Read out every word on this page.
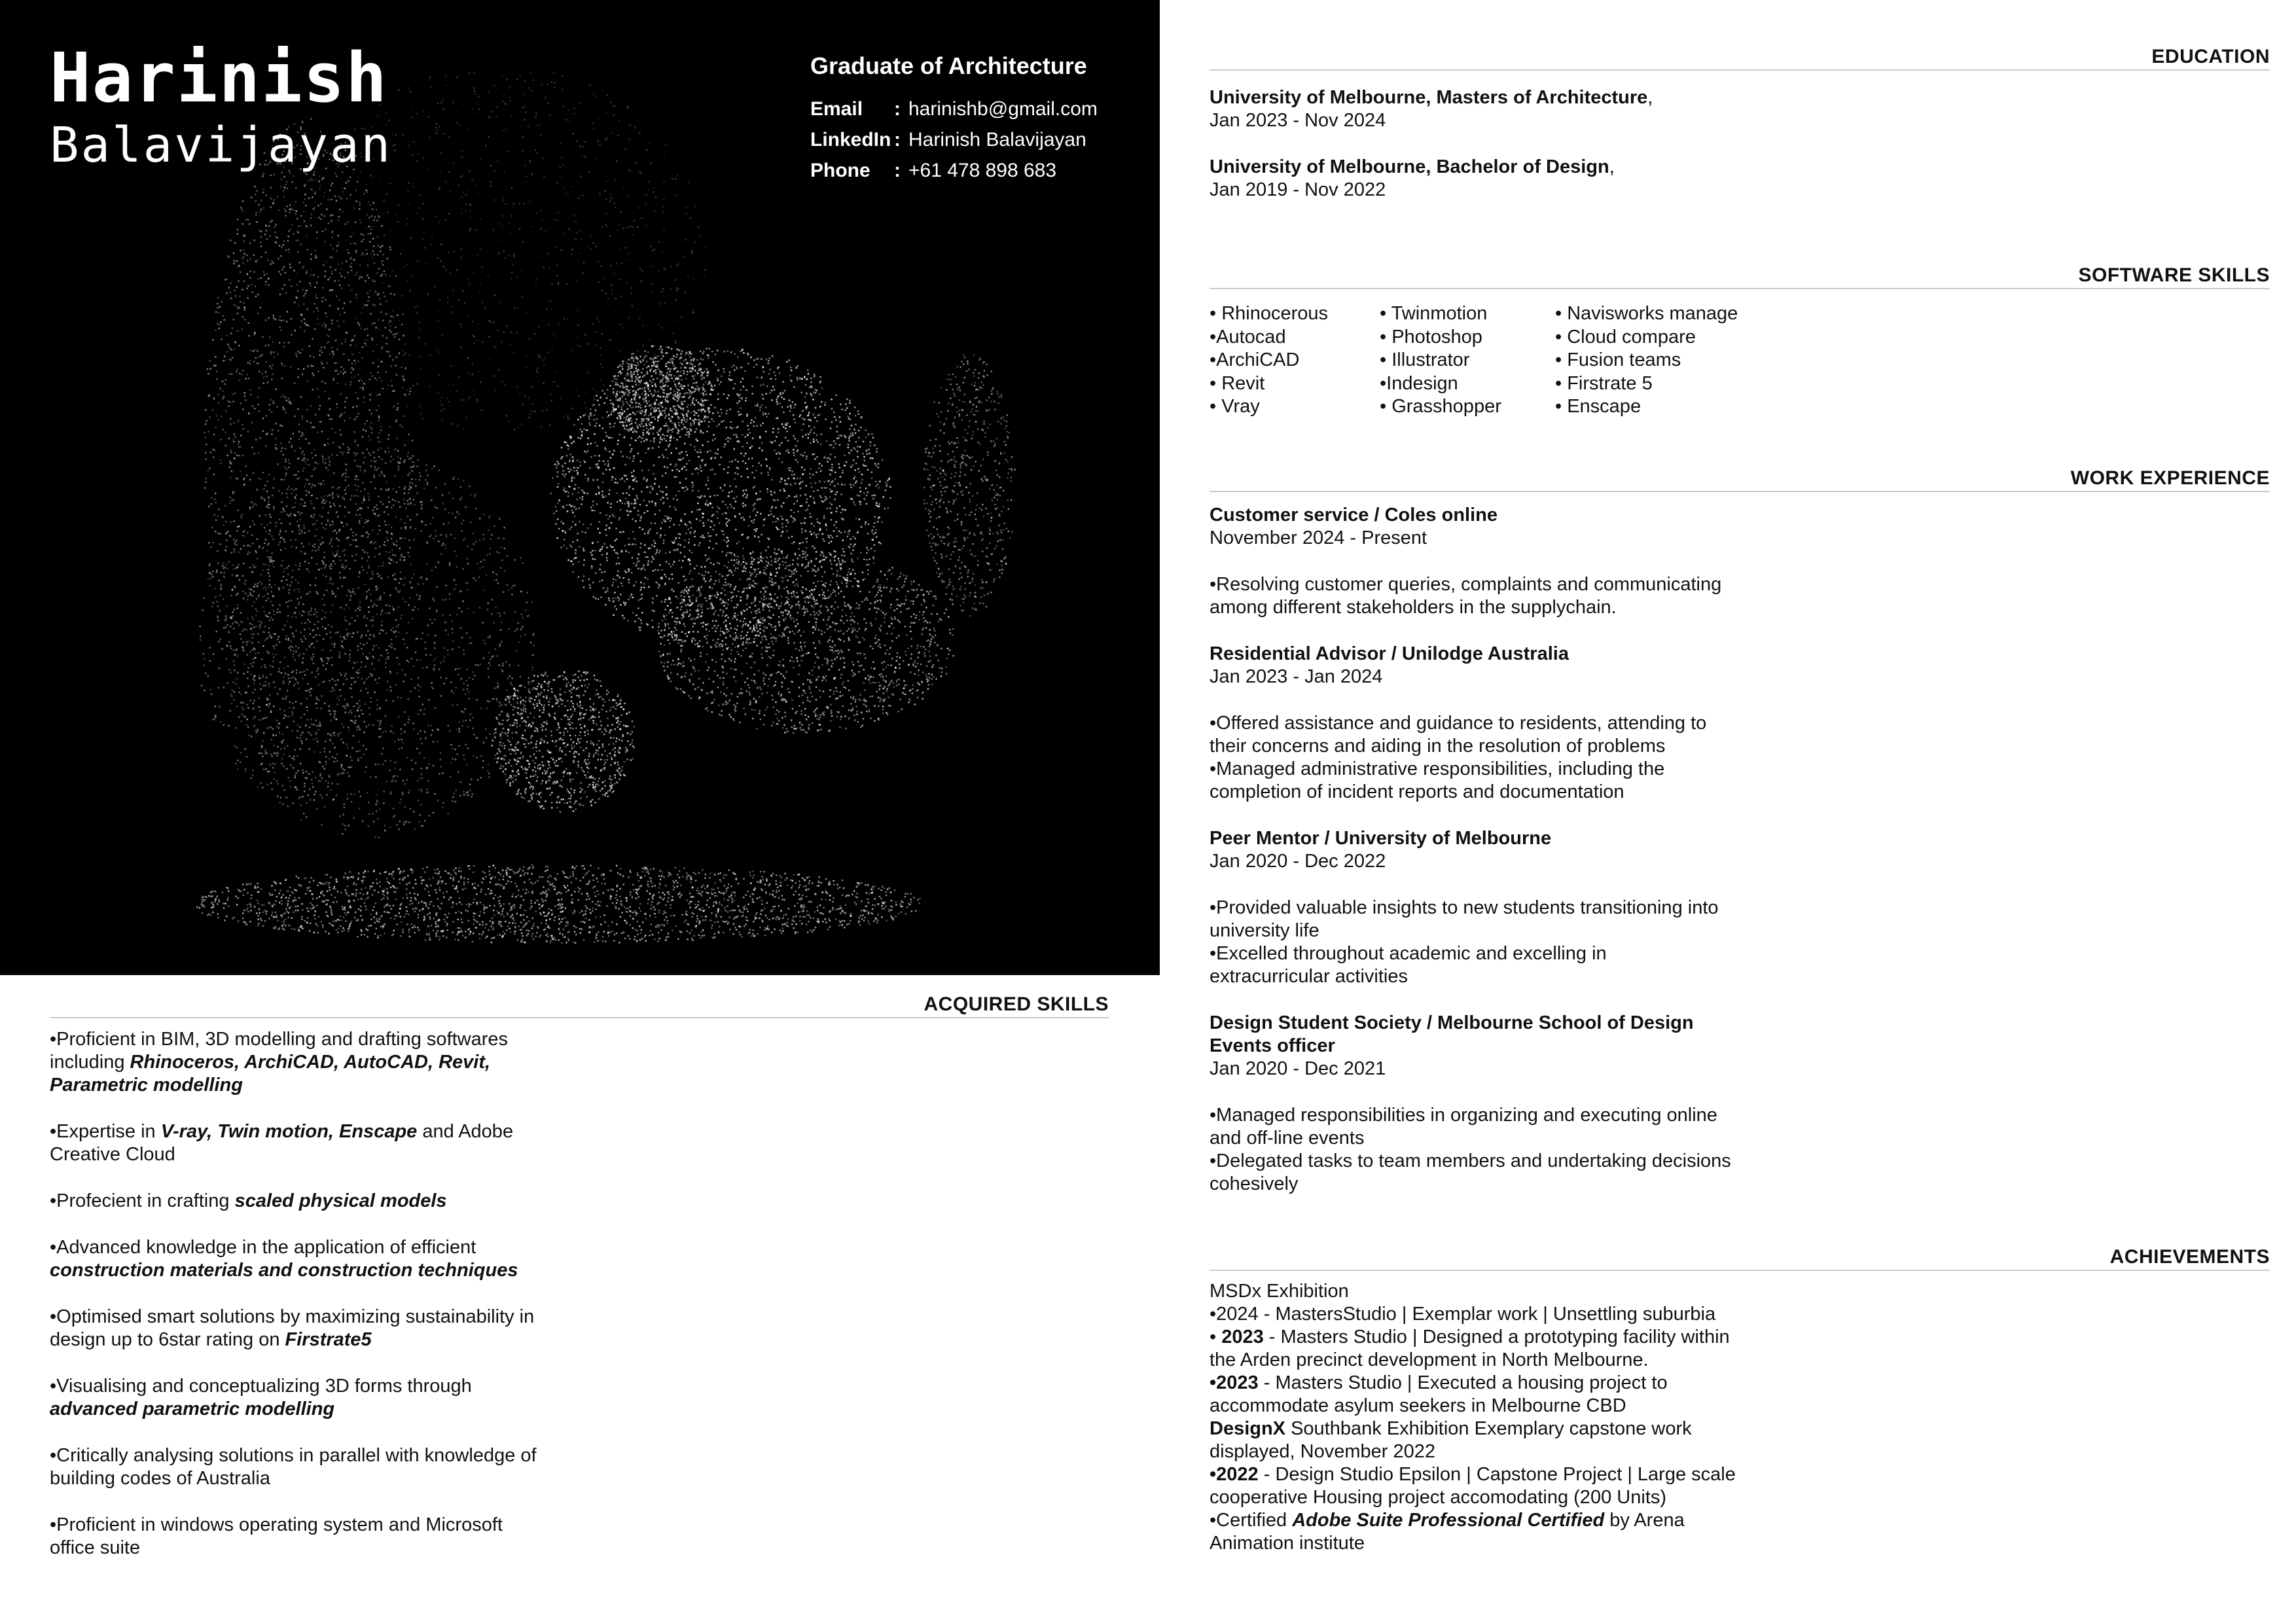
Harinish
Balavijayan
Graduate of Architecture
Email : harinishb@gmail.com
LinkedIn : Harinish Balavijayan
Phone : +61 478 898 683
ACQUIRED SKILLS
•Proficient in BIM, 3D modelling and drafting softwares
including Rhinoceros, ArchiCAD, AutoCAD, Revit,
Parametric modelling
•Expertise in V-ray, Twin motion, Enscape and Adobe
Creative Cloud
•Profecient in crafting scaled physical models
•Advanced knowledge in the application of efficient
construction materials and construction techniques
•Optimised smart solutions by maximizing sustainability in
design up to 6star rating on Firstrate5
•Visualising and conceptualizing 3D forms through
advanced parametric modelling
•Critically analysing solutions in parallel with knowledge of
building codes of Australia
•Proficient in windows operating system and Microsoft
office suite
EDUCATION
University of Melbourne, Masters of Architecture,
Jan 2023 - Nov 2024
University of Melbourne, Bachelor of Design,
Jan 2019 - Nov 2022
SOFTWARE SKILLS
• Rhinocerous
•Autocad
•ArchiCAD
• Revit
• Vray
• Twinmotion
• Photoshop
• Illustrator
•Indesign
• Grasshopper
• Navisworks manage
• Cloud compare
• Fusion teams
• Firstrate 5
• Enscape
WORK EXPERIENCE
Customer service / Coles online
November 2024 - Present
•Resolving customer queries, complaints and communicating
among different stakeholders in the supplychain.
Residential Advisor / Unilodge Australia
Jan 2023 - Jan 2024
•Offered assistance and guidance to residents, attending to
their concerns and aiding in the resolution of problems
•Managed administrative responsibilities, including the
completion of incident reports and documentation
Peer Mentor / University of Melbourne
Jan 2020 - Dec 2022
•Provided valuable insights to new students transitioning into
university life
•Excelled throughout academic and excelling in
extracurricular activities
Design Student Society / Melbourne School of Design
Events officer
Jan 2020 - Dec 2021
•Managed responsibilities in organizing and executing online
and off-line events
•Delegated tasks to team members and undertaking decisions
cohesively
ACHIEVEMENTS
MSDx Exhibition
•2024 - MastersStudio | Exemplar work | Unsettling suburbia
• 2023 - Masters Studio | Designed a prototyping facility within
the Arden precinct development in North Melbourne.
•2023 - Masters Studio | Executed a housing project to
accommodate asylum seekers in Melbourne CBD
DesignX Southbank Exhibition Exemplary capstone work
displayed, November 2022
•2022 - Design Studio Epsilon | Capstone Project | Large scale
cooperative Housing project accomodating (200 Units)
•Certified Adobe Suite Professional Certified by Arena
Animation institute
